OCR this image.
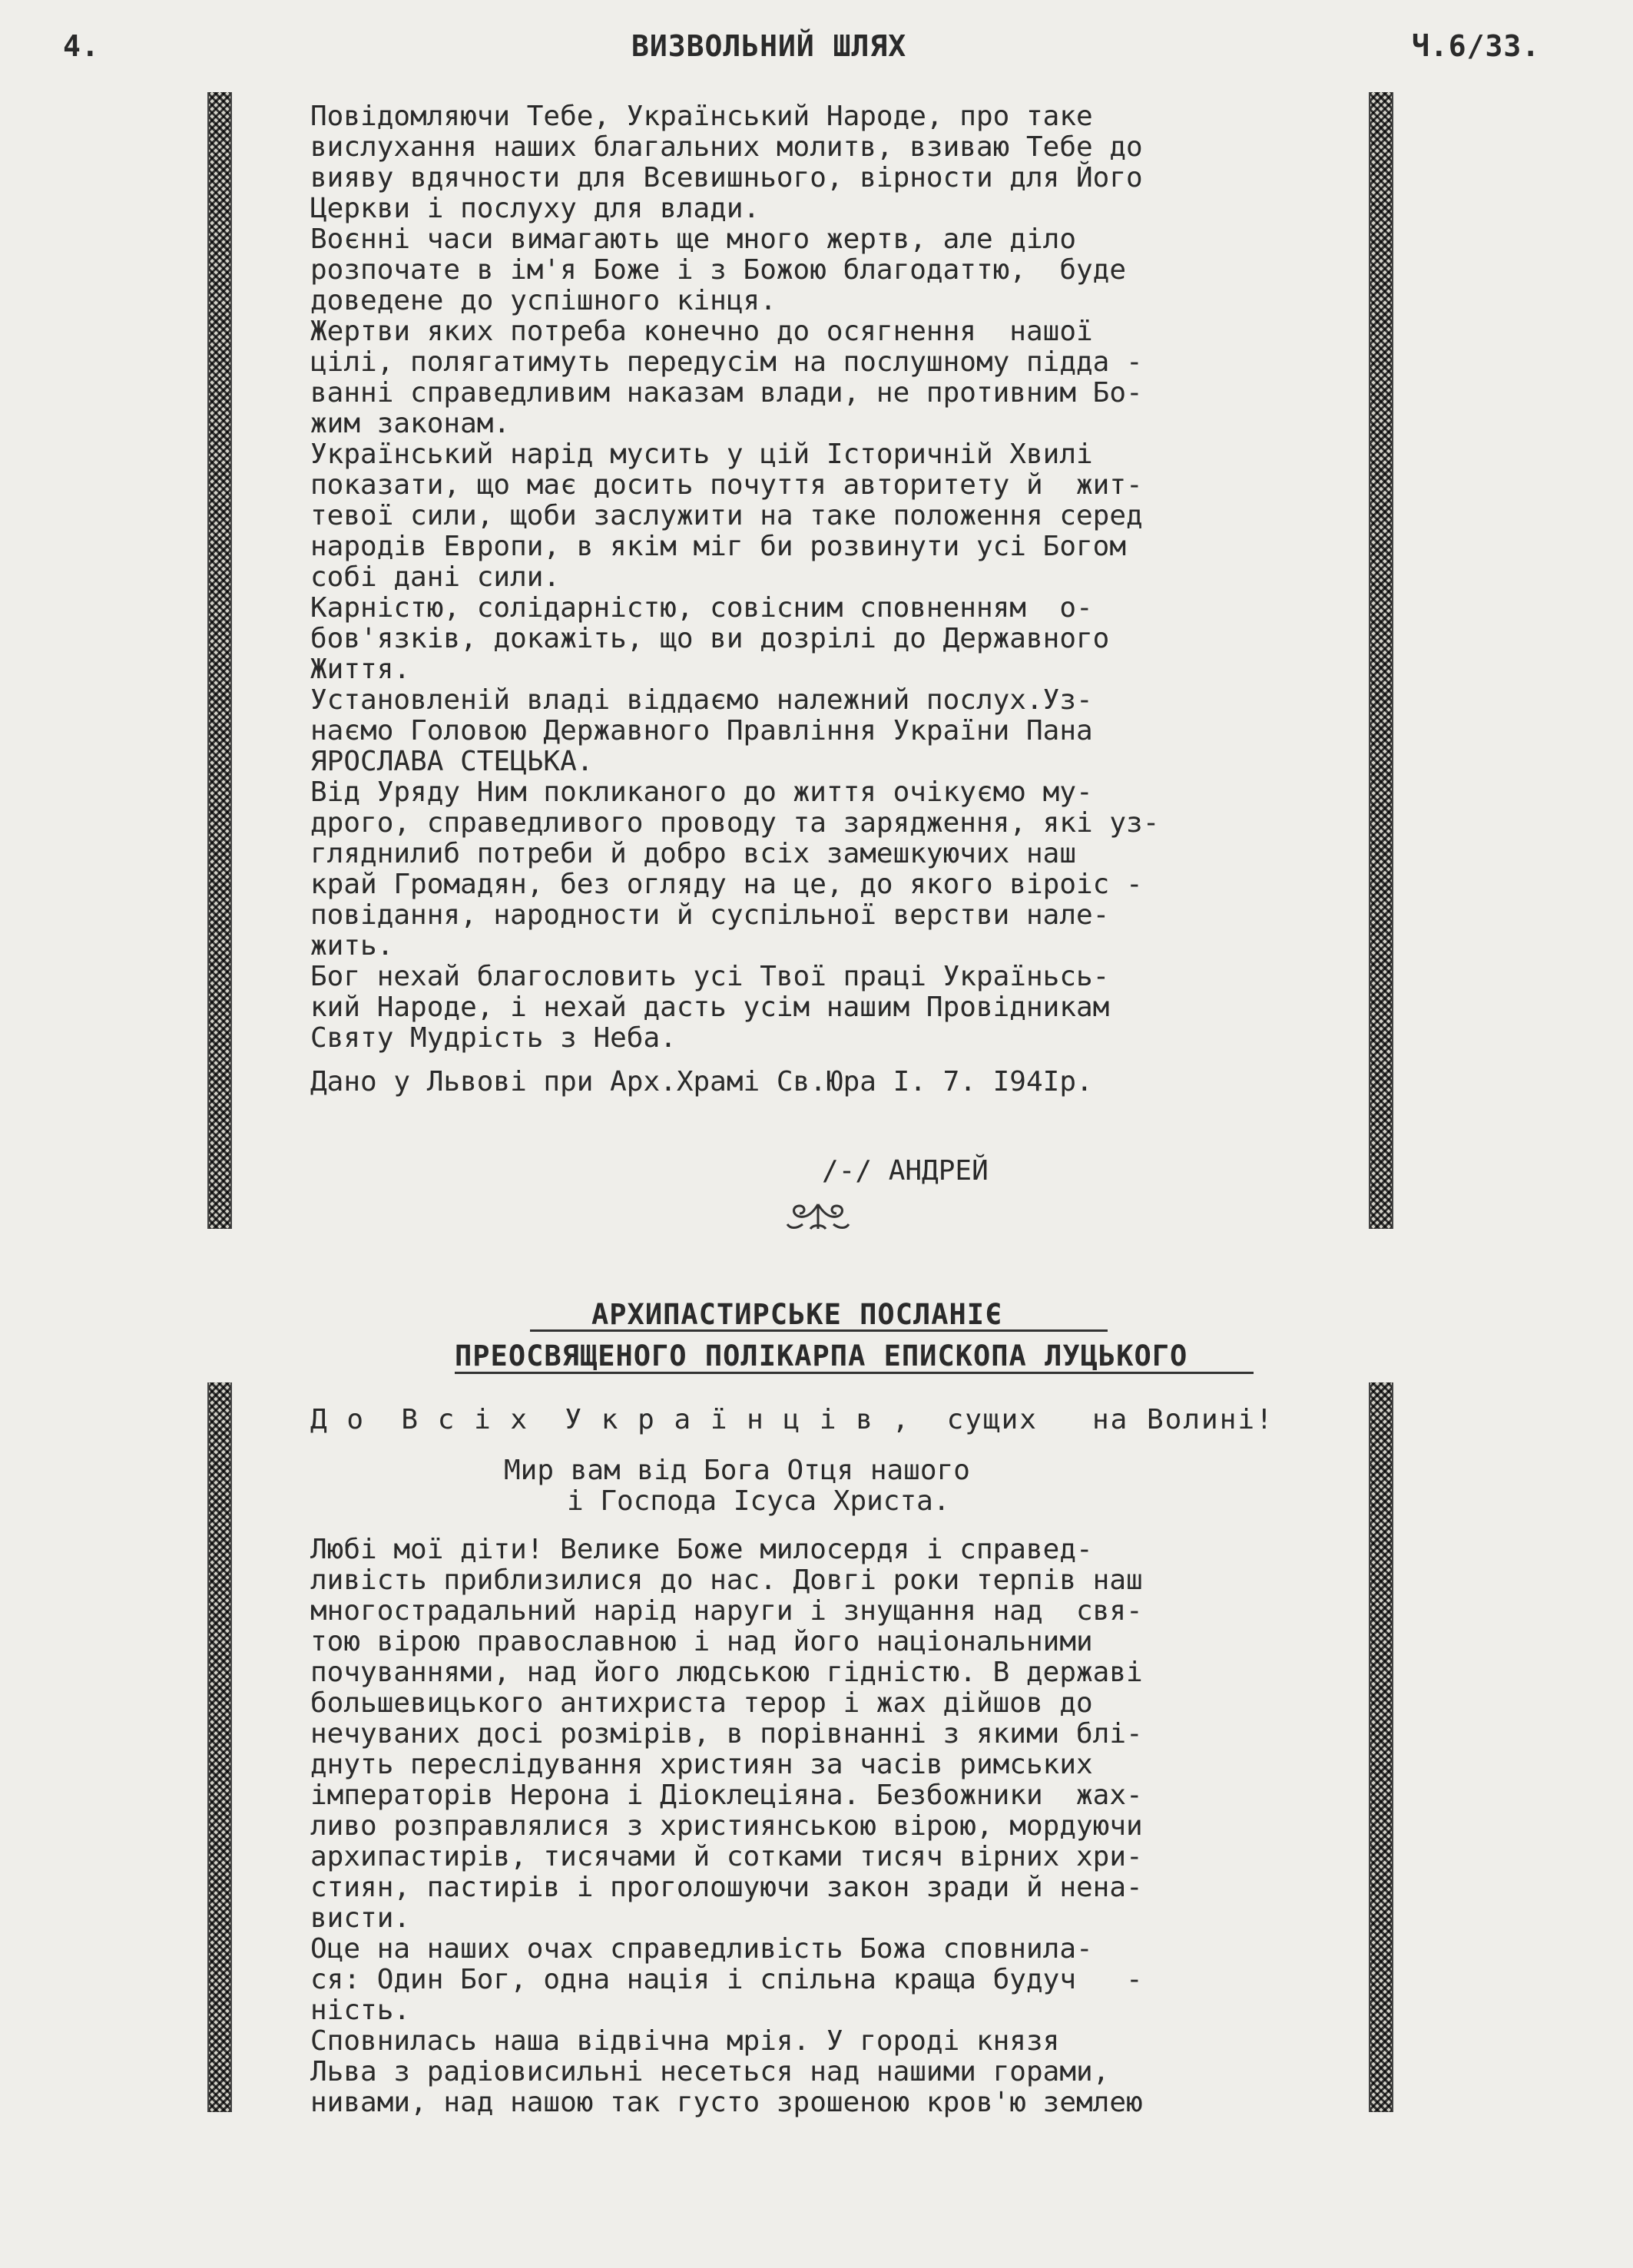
4.	ВИЗВОЛЬНИЙ ШЛЯХ	Ч.6/33.
Повідомляючи Тебе, Український Народе, про таке
вислухання наших благальних молитв, взиваю Тебе до
вияву вдячности для Всевишнього, вірности для Його
Церкви і послуху для влади.
Воєнні часи вимагають ще много жертв, але діло
розпочате в ім'я Боже і з Божою благодаттю,  буде
доведене до успішного кінця.
Жертви яких потреба конечно до осягнення  нашої
цілі, полягатимуть передусім на послушному підда -
ванні справедливим наказам влади, не противним Бо-
жим законам.
Український нарід мусить у цій Історичній Хвилі
показати, що має досить почуття авторитету й  жит-
тевої сили, щоби заслужити на таке положення серед
народів Европи, в якім міг би розвинути усі Богом
собі дані сили.
Карністю, солідарністю, совісним сповненням  о-
бов'язків, докажіть, що ви дозрілі до Державного
Життя.
Установленій владі віддаємо належний послух.Уз-
наємо Головою Державного Правління України Пана
ЯРОСЛАВА СТЕЦЬКА.
Від Уряду Ним покликаного до життя очікуємо му-
дрого, справедливого проводу та зарядження, які уз-
гляднилиб потреби й добро всіх замешкуючих наш
край Громадян, без огляду на це, до якого віроіс -
повідання, народности й суспільної верстви нале-
жить.
Бог нехай благословить усі Твої праці Україньсь-
кий Народе, і нехай дасть усім нашим Провідникам
Святу Мудрість з Неба.
Дано у Львові при Арх.Храмі Св.Юра I. 7. I94Iр.
/-/ АНДРЕЙ
АРХИПАСТИРСЬКЕ ПОСЛАНІЄ
ПРЕОСВЯЩЕНОГО ПОЛІКАРПА ЕПИСКОПА ЛУЦЬКОГО
Д о  В с і х  У к р а ї н ц і в ,  сущих   на Волині!
Мир вам від Бога Отця нашого
і Господа Ісуса Христа.
Любі мої діти! Велике Боже милосердя і справед-
ливість приблизилися до нас. Довгі роки терпів наш
многострадальний нарід наруги і знущання над  свя-
тою вірою православною і над його національними
почуваннями, над його людською гідністю. В державі
большевицького антихриста терор і жах дійшов до
нечуваних досі розмірів, в порівнанні з якими блі-
днуть переслідування християн за часів римських
імператорів Нерона і Діоклеціяна. Безбожники  жах-
ливо розправлялися з християнською вірою, мордуючи
архипастирів, тисячами й сотками тисяч вірних хри-
стиян, пастирів і проголошуючи закон зради й нена-
висти.
Оце на наших очах справедливість Божа сповнила-
ся: Один Бог, одна нація і спільна краща будуч   -
ність.
Сповнилась наша відвічна мрія. У городі князя
Льва з радіовисильні несеться над нашими горами,
нивами, над нашою так густо зрошеною кров'ю землею
